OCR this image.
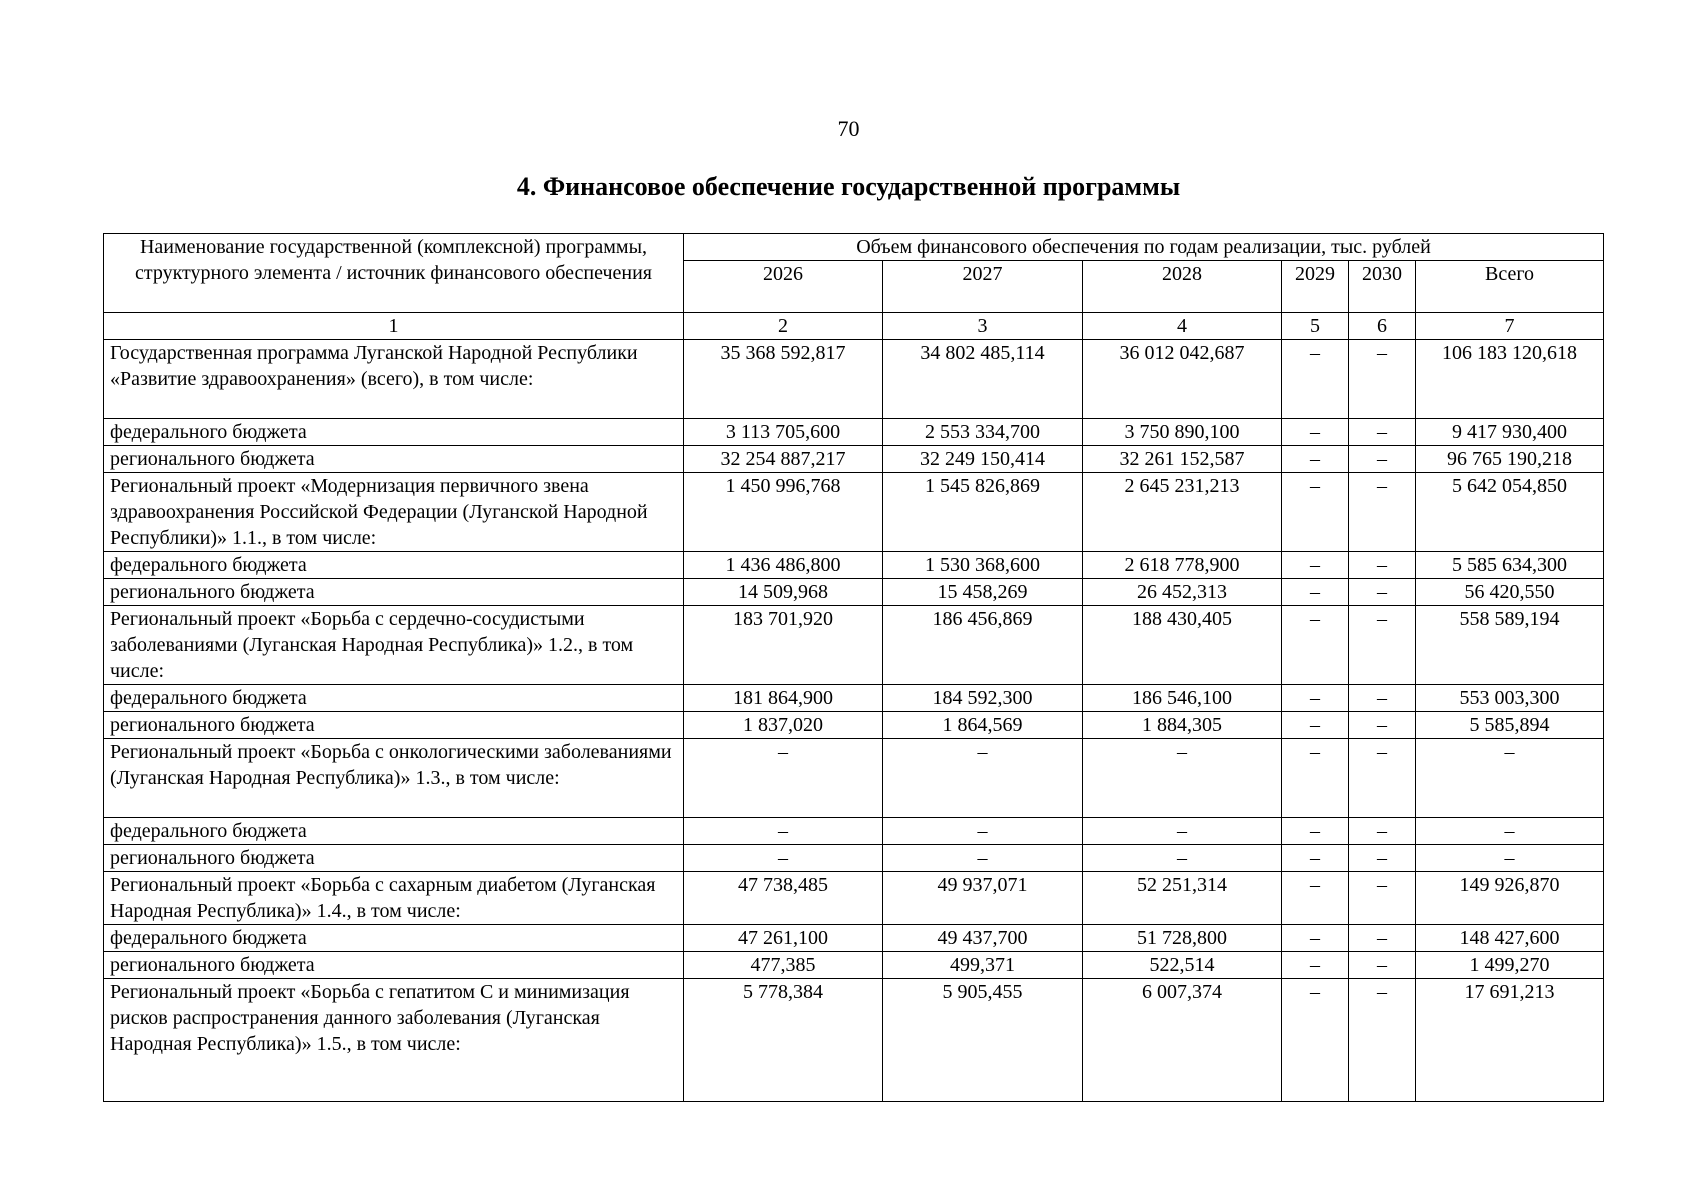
70
4. Финансовое обеспечение государственной программы
Наименование государственной (комплексной) программы, структурного элемента / источник финансового обеспечения	Объем финансового обеспечения по годам реализации, тыс. рублей					
	2026	2027	2028	2029	2030	Всего
1	2	3	4	5	6	7
Государственная программа Луганской Народной Республики «Развитие здравоохранения» (всего), в том числе:	35 368 592,817	34 802 485,114	36 012 042,687	–	–	106 183 120,618
федерального бюджета	3 113 705,600	2 553 334,700	3 750 890,100	–	–	9 417 930,400
регионального бюджета	32 254 887,217	32 249 150,414	32 261 152,587	–	–	96 765 190,218
Региональный проект «Модернизация первичного звена здравоохранения Российской Федерации (Луганской Народной Республики)» 1.1., в том числе:	1 450 996,768	1 545 826,869	2 645 231,213	–	–	5 642 054,850
федерального бюджета	1 436 486,800	1 530 368,600	2 618 778,900	–	–	5 585 634,300
регионального бюджета	14 509,968	15 458,269	26 452,313	–	–	56 420,550
Региональный проект «Борьба с сердечно-сосудистыми заболеваниями (Луганская Народная Республика)» 1.2., в том числе:	183 701,920	186 456,869	188 430,405	–	–	558 589,194
федерального бюджета	181 864,900	184 592,300	186 546,100	–	–	553 003,300
регионального бюджета	1 837,020	1 864,569	1 884,305	–	–	5 585,894
Региональный проект «Борьба с онкологическими заболеваниями (Луганская Народная Республика)» 1.3., в том числе:	–	–	–	–	–	–
федерального бюджета	–	–	–	–	–	–
регионального бюджета	–	–	–	–	–	–
Региональный проект «Борьба с сахарным диабетом (Луганская Народная Республика)» 1.4., в том числе:	47 738,485	49 937,071	52 251,314	–	–	149 926,870
федерального бюджета	47 261,100	49 437,700	51 728,800	–	–	148 427,600
регионального бюджета	477,385	499,371	522,514	–	–	1 499,270
Региональный проект «Борьба с гепатитом С и минимизация рисков распространения данного заболевания (Луганская Народная Республика)» 1.5., в том числе:	5 778,384	5 905,455	6 007,374	–	–	17 691,213
